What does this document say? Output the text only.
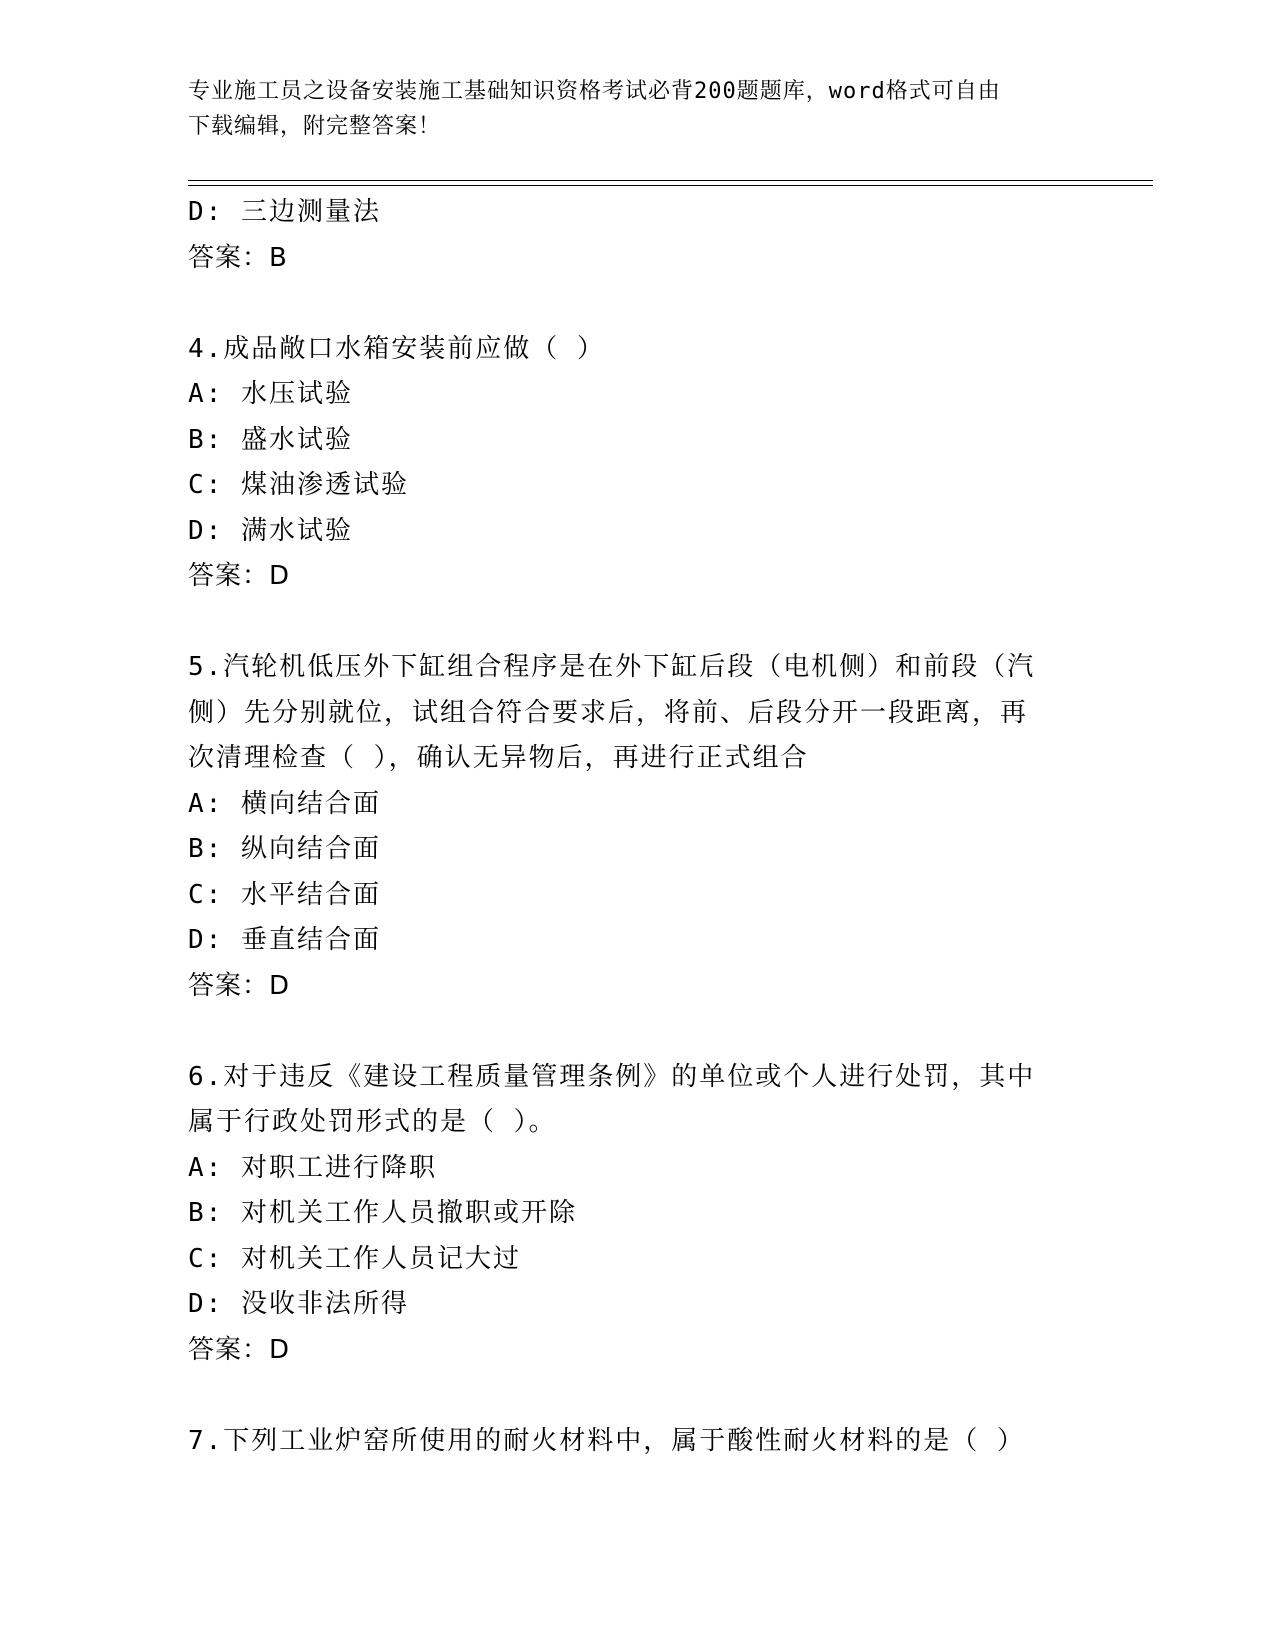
专业施工员之设备安装施工基础知识资格考试必背200题题库，word格式可自由
下载编辑，附完整答案！
D: 三边测量法
答案：B
4.成品敞口水箱安装前应做（ ）
A: 水压试验
B: 盛水试验
C: 煤油渗透试验
D: 满水试验
答案：D
5.汽轮机低压外下缸组合程序是在外下缸后段（电机侧）和前段（汽
侧）先分别就位，试组合符合要求后，将前、后段分开一段距离，再
次清理检查（ ），确认无异物后，再进行正式组合
A: 横向结合面
B: 纵向结合面
C: 水平结合面
D: 垂直结合面
答案：D
6.对于违反《建设工程质量管理条例》的单位或个人进行处罚，其中
属于行政处罚形式的是（ ）。
A: 对职工进行降职
B: 对机关工作人员撤职或开除
C: 对机关工作人员记大过
D: 没收非法所得
答案：D
7.下列工业炉窑所使用的耐火材料中，属于酸性耐火材料的是（ ）
